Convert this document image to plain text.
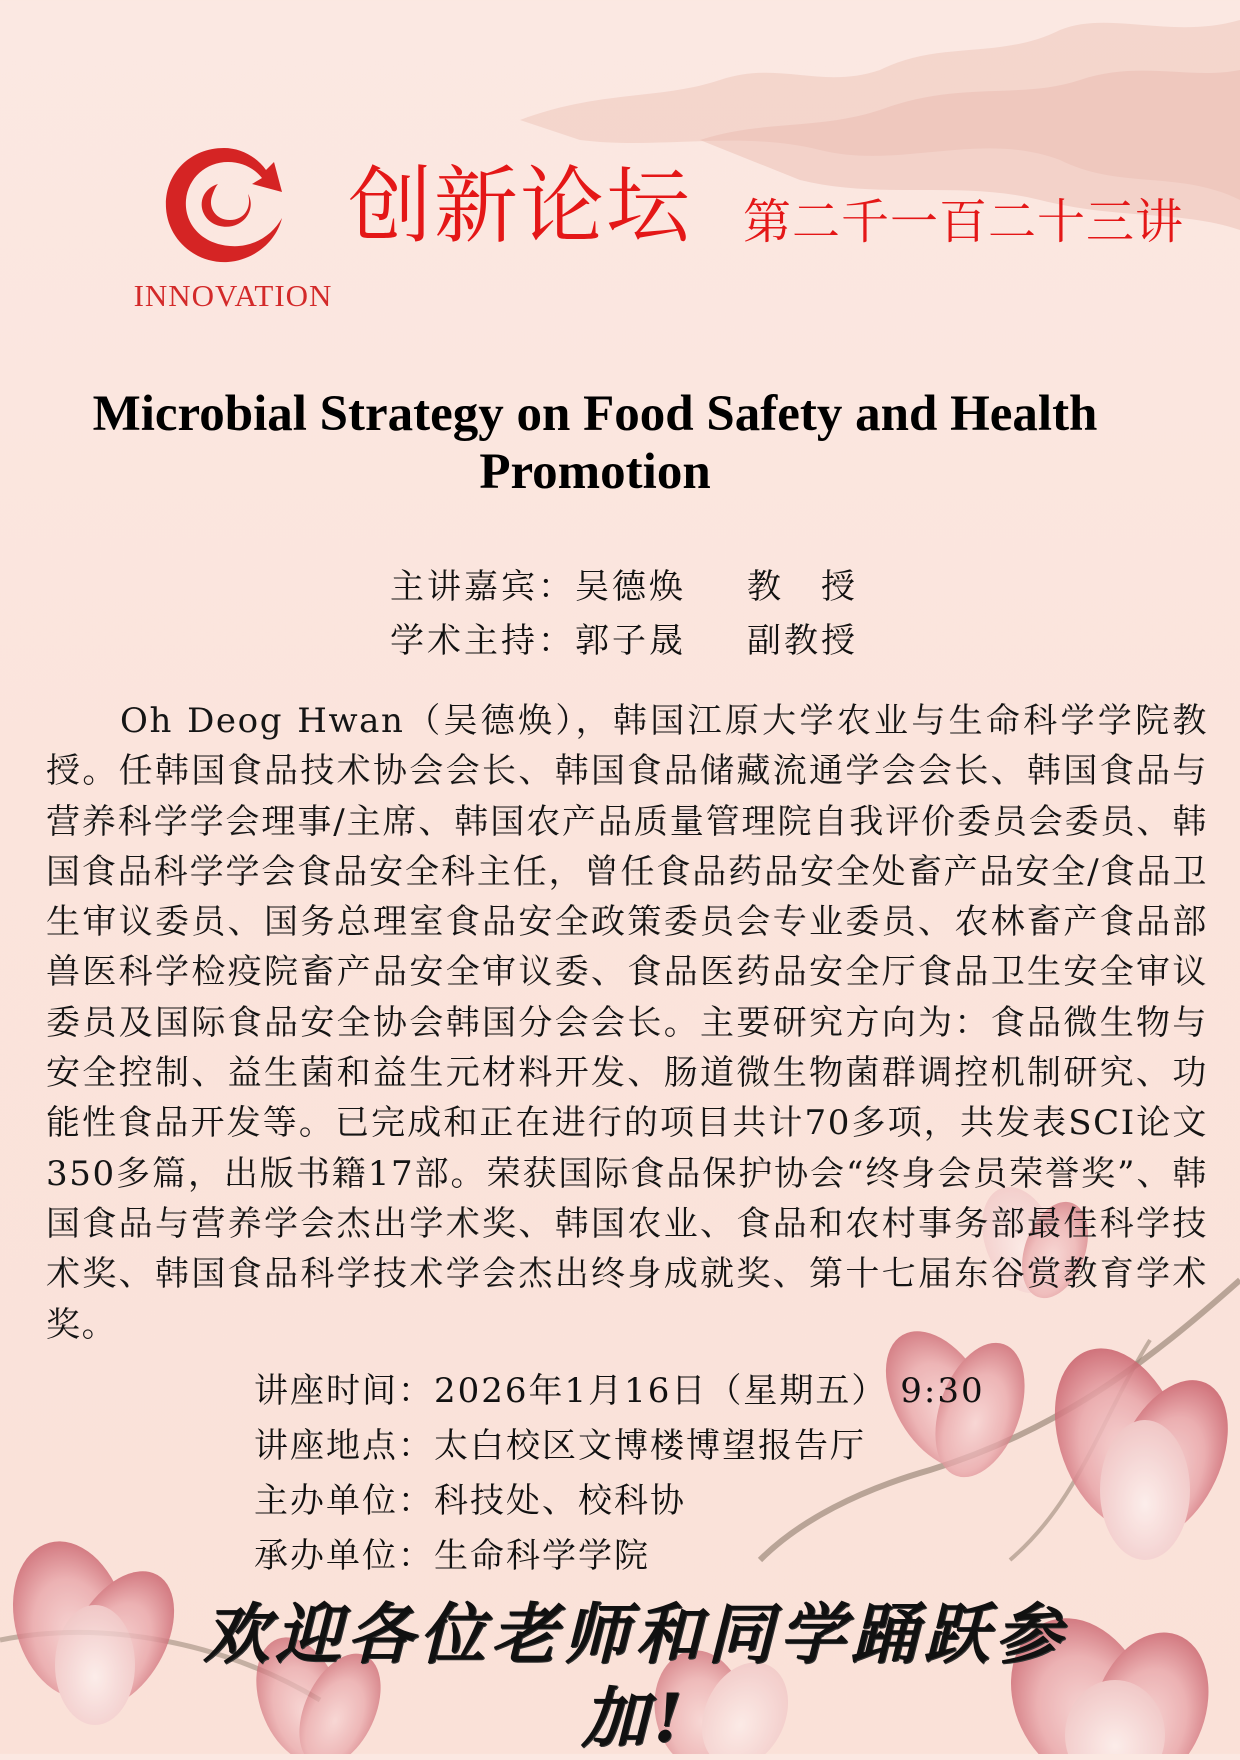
INNOVATION
创新论坛 第二千一百二十三讲
Microbial Strategy on Food Safety and Health Promotion
主讲嘉宾：吴德焕 教　授
学术主持：郭子晟 副教授
Oh Deog Hwan（吴德焕），韩国江原大学农业与生命科学学院教授。任韩国食品技术协会会长、韩国食品储藏流通学会会长、韩国食品与营养科学学会理事/主席、韩国农产品质量管理院自我评价委员会委员、韩国食品科学学会食品安全科主任，曾任食品药品安全处畜产品安全/食品卫生审议委员、国务总理室食品安全政策委员会专业委员、农林畜产食品部兽医科学检疫院畜产品安全审议委、食品医药品安全厅食品卫生安全审议委员及国际食品安全协会韩国分会会长。主要研究方向为：食品微生物与安全控制、益生菌和益生元材料开发、肠道微生物菌群调控机制研究、功能性食品开发等。已完成和正在进行的项目共计70多项，共发表SCI论文350多篇，出版书籍17部。荣获国际食品保护协会“终身会员荣誉奖”、韩国食品与营养学会杰出学术奖、韩国农业、食品和农村事务部最佳科学技术奖、韩国食品科学技术学会杰出终身成就奖、第十七届东谷赏教育学术奖。
讲座时间：2026年1月16日（星期五） 9:30
讲座地点：太白校区文博楼博望报告厅
主办单位：科技处、校科协
承办单位：生命科学学院
欢迎各位老师和同学踊跃参加!
